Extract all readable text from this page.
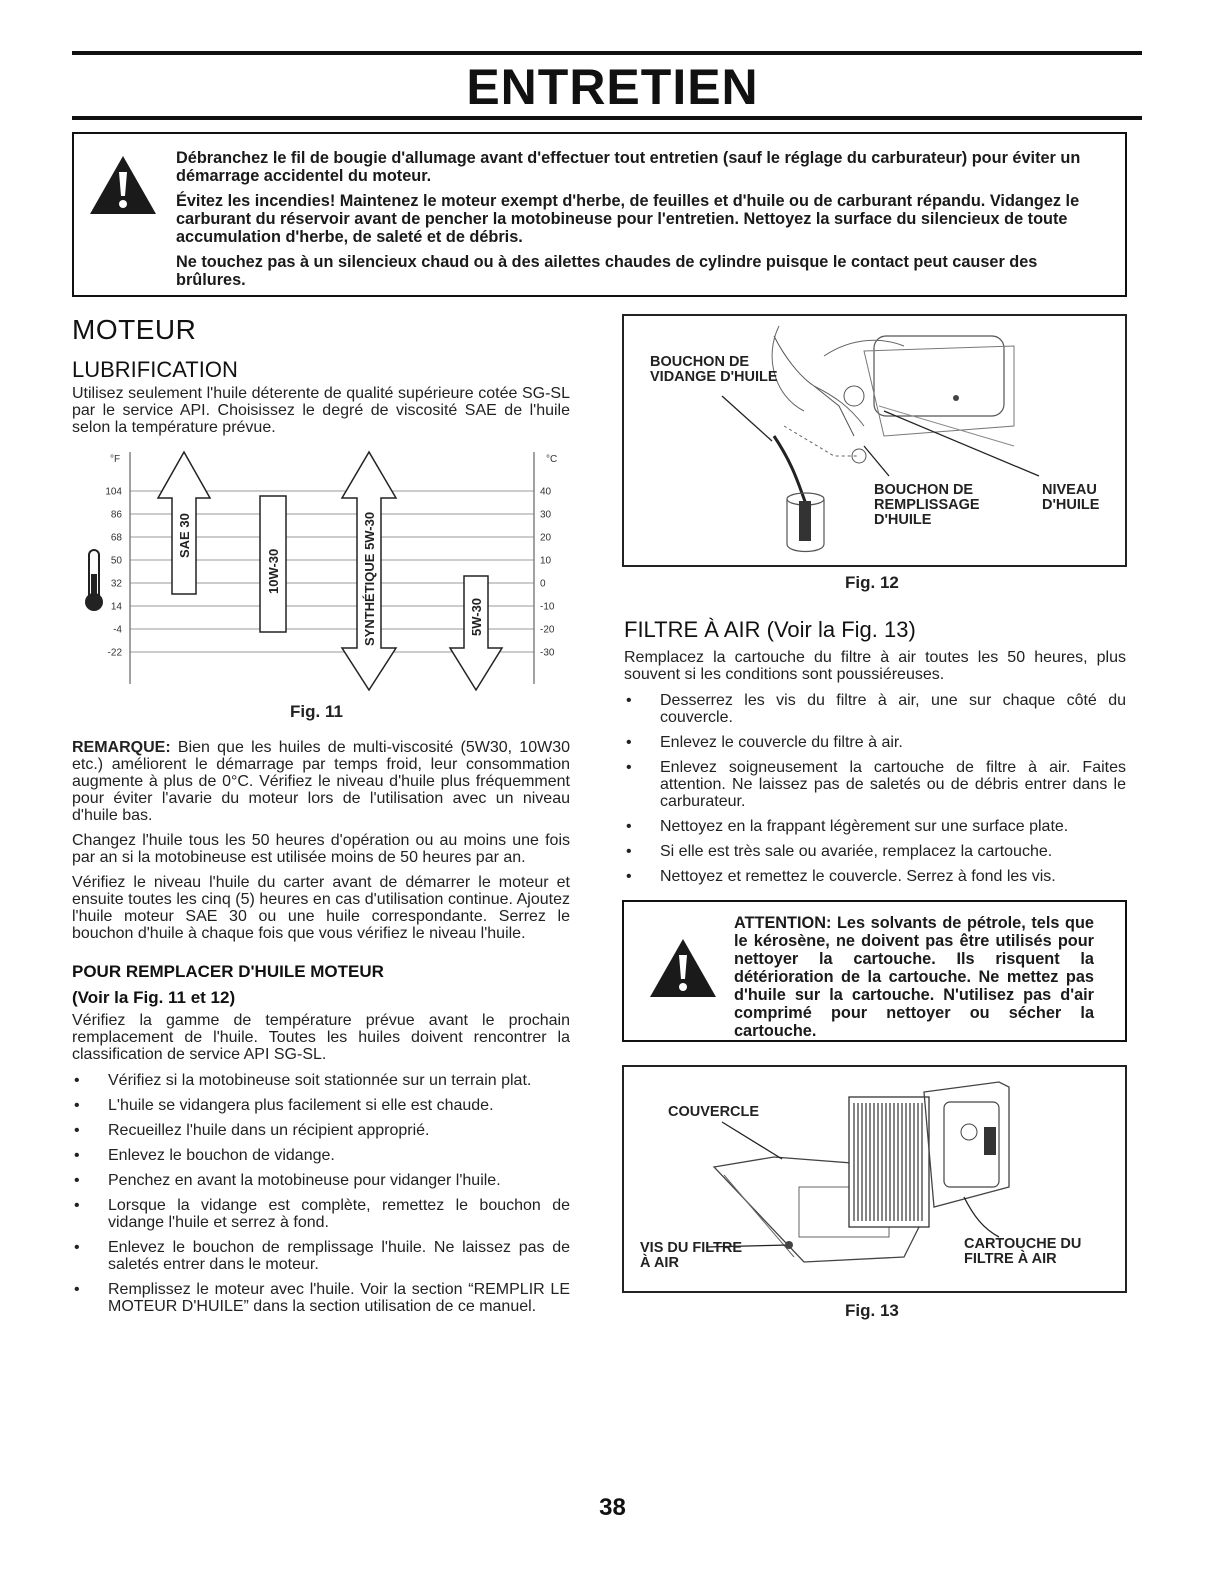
ENTRETIEN

Débranchez le fil de bougie d'allumage avant d'effectuer tout entretien (sauf le réglage du carburateur) pour éviter un démarrage accidentel du moteur.

Évitez les incendies! Maintenez le moteur exempt d'herbe, de feuilles et d'huile ou de carburant répandu. Vidangez le carburant du réservoir avant de pencher la motobineuse pour l'entretien. Nettoyez la surface du silencieux de toute accumulation d'herbe, de saleté et de débris.

Ne touchez pas à un silencieux chaud ou à des ailettes chaudes de cylindre puisque le contact peut causer des brûlures.

MOTEUR
LUBRIFICATION
Utilisez seulement l'huile déterente de qualité supérieure cotée SG-SL par le service API. Choisissez le degré de viscosité SAE de l'huile selon la température prévue.
°F	°C
104	40
86	30
68	20
50	10
32	0
14	-10
-4	-20
-22	-30
SAE 30
10W-30	SYNTHÉTIQUE 5W-30	5W-30
Fig. 11

REMARQUE: Bien que les huiles de multi-viscosité (5W30, 10W30 etc.) améliorent le démarrage par temps froid, leur consommation augmente à plus de 0°C. Vérifiez le niveau d'huile plus fréquemment pour éviter l'avarie du moteur lors de l'utilisation avec un niveau d'huile bas.

Changez l'huile tous les 50 heures d'opération ou au moins une fois par an si la motobineuse est utilisée moins de 50 heures par an.

Vérifiez le niveau l'huile du carter avant de démarrer le moteur et ensuite toutes les cinq (5) heures en cas d'utilisation continue. Ajoutez l'huile moteur SAE 30 ou une huile correspondante. Serrez le bouchon d'huile à chaque fois que vous vérifiez le niveau l'huile.

POUR REMPLACER D'HUILE MOTEUR
(Voir la Fig. 11 et 12)
Vérifiez la gamme de température prévue avant le prochain remplacement de l'huile. Toutes les huiles doivent rencontrer la classification de service API SG-SL.
• Vérifiez si la motobineuse soit stationnée sur un terrain plat.
• L'huile se vidangera plus facilement si elle est chaude.
• Recueillez l'huile dans un récipient approprié.
• Enlevez le bouchon de vidange.
• Penchez en avant la motobineuse pour vidanger l'huile.
• Lorsque la vidange est complète, remettez le bouchon de vidange l'huile et serrez à fond.
• Enlevez le bouchon de remplissage l'huile. Ne laissez pas de saletés entrer dans le moteur.
• Remplissez le moteur avec l'huile. Voir la section “REMPLIR LE MOTEUR D'HUILE” dans la section utilisation de ce manuel.
BOUCHON DE VIDANGE D'HUILE
BOUCHON DE REMPLISSAGE D'HUILE
NIVEAU D'HUILE
Fig. 12
FILTRE À AIR (Voir la Fig. 13)
Remplacez la cartouche du filtre à air toutes les 50 heures, plus souvent si les conditions sont poussiéreuses.
• Desserrez les vis du filtre à air, une sur chaque côté du couvercle.
• Enlevez le couvercle du filtre à air.
• Enlevez soigneusement la cartouche de filtre à air. Faites attention. Ne laissez pas de saletés ou de débris entrer dans le carburateur.
• Nettoyez en la frappant légèrement sur une surface plate.
• Si elle est très sale ou avariée, remplacez la cartouche.
• Nettoyez et remettez le couvercle. Serrez à fond les vis.
ATTENTION: Les solvants de pétrole, tels que le kérosène, ne doivent pas être utilisés pour nettoyer la cartouche. Ils risquent la détérioration de la cartouche. Ne mettez pas d'huile sur la cartouche. N'utilisez pas d'air comprimé pour nettoyer ou sécher la cartouche.
COUVERCLE
VIS DU FILTRE À AIR
CARTOUCHE DU FILTRE À AIR
Fig. 13
38
